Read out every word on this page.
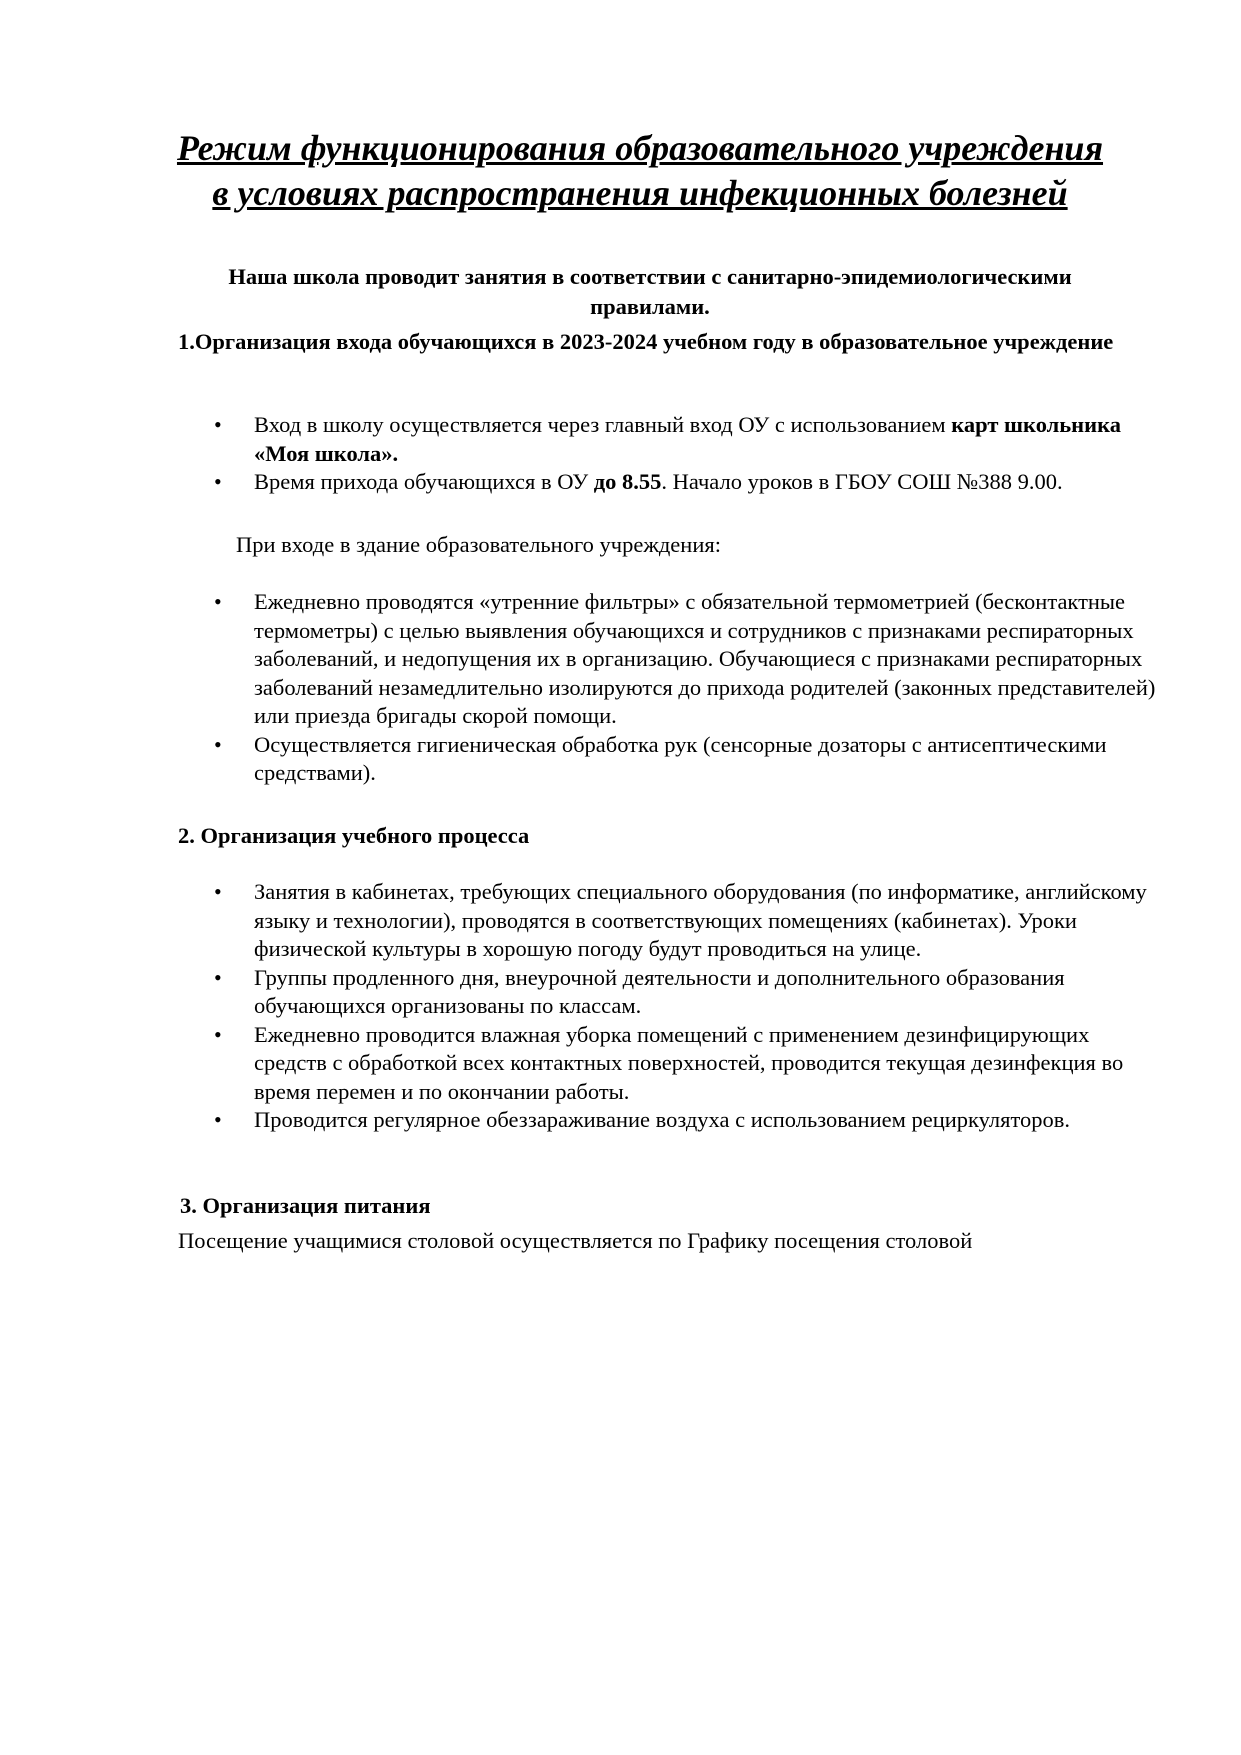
Режим функционирования образовательного учреждения
в условиях распространения инфекционных болезней

Наша школа проводит занятия в соответствии с санитарно-эпидемиологическими
правилами.

1.Организация входа обучающихся в 2023-2024 учебном году в образовательное учреждение

• Вход в школу осуществляется через главный вход ОУ с использованием карт школьника «Моя школа».
• Время прихода обучающихся в ОУ до 8.55. Начало уроков в ГБОУ СОШ №388 9.00.

При входе в здание образовательного учреждения:

• Ежедневно проводятся «утренние фильтры» с обязательной термометрией (бесконтактные термометры) с целью выявления обучающихся и сотрудников с признаками респираторных заболеваний, и недопущения их в организацию. Обучающиеся с признаками респираторных заболеваний незамедлительно изолируются до прихода родителей (законных представителей) или приезда бригады скорой помощи.
• Осуществляется гигиеническая обработка рук (сенсорные дозаторы с антисептическими средствами).

2. Организация учебного процесса

• Занятия в кабинетах, требующих специального оборудования (по информатике, английскому языку и технологии), проводятся в соответствующих помещениях (кабинетах). Уроки физической культуры в хорошую погоду будут проводиться на улице.
• Группы продленного дня, внеурочной деятельности и дополнительного образования обучающихся организованы по классам.
• Ежедневно проводится влажная уборка помещений с применением дезинфицирующих средств с обработкой всех контактных поверхностей, проводится текущая дезинфекция во время перемен и по окончании работы.
• Проводится регулярное обеззараживание воздуха с использованием рециркуляторов.

3. Организация питания

Посещение учащимися столовой осуществляется по Графику посещения столовой
